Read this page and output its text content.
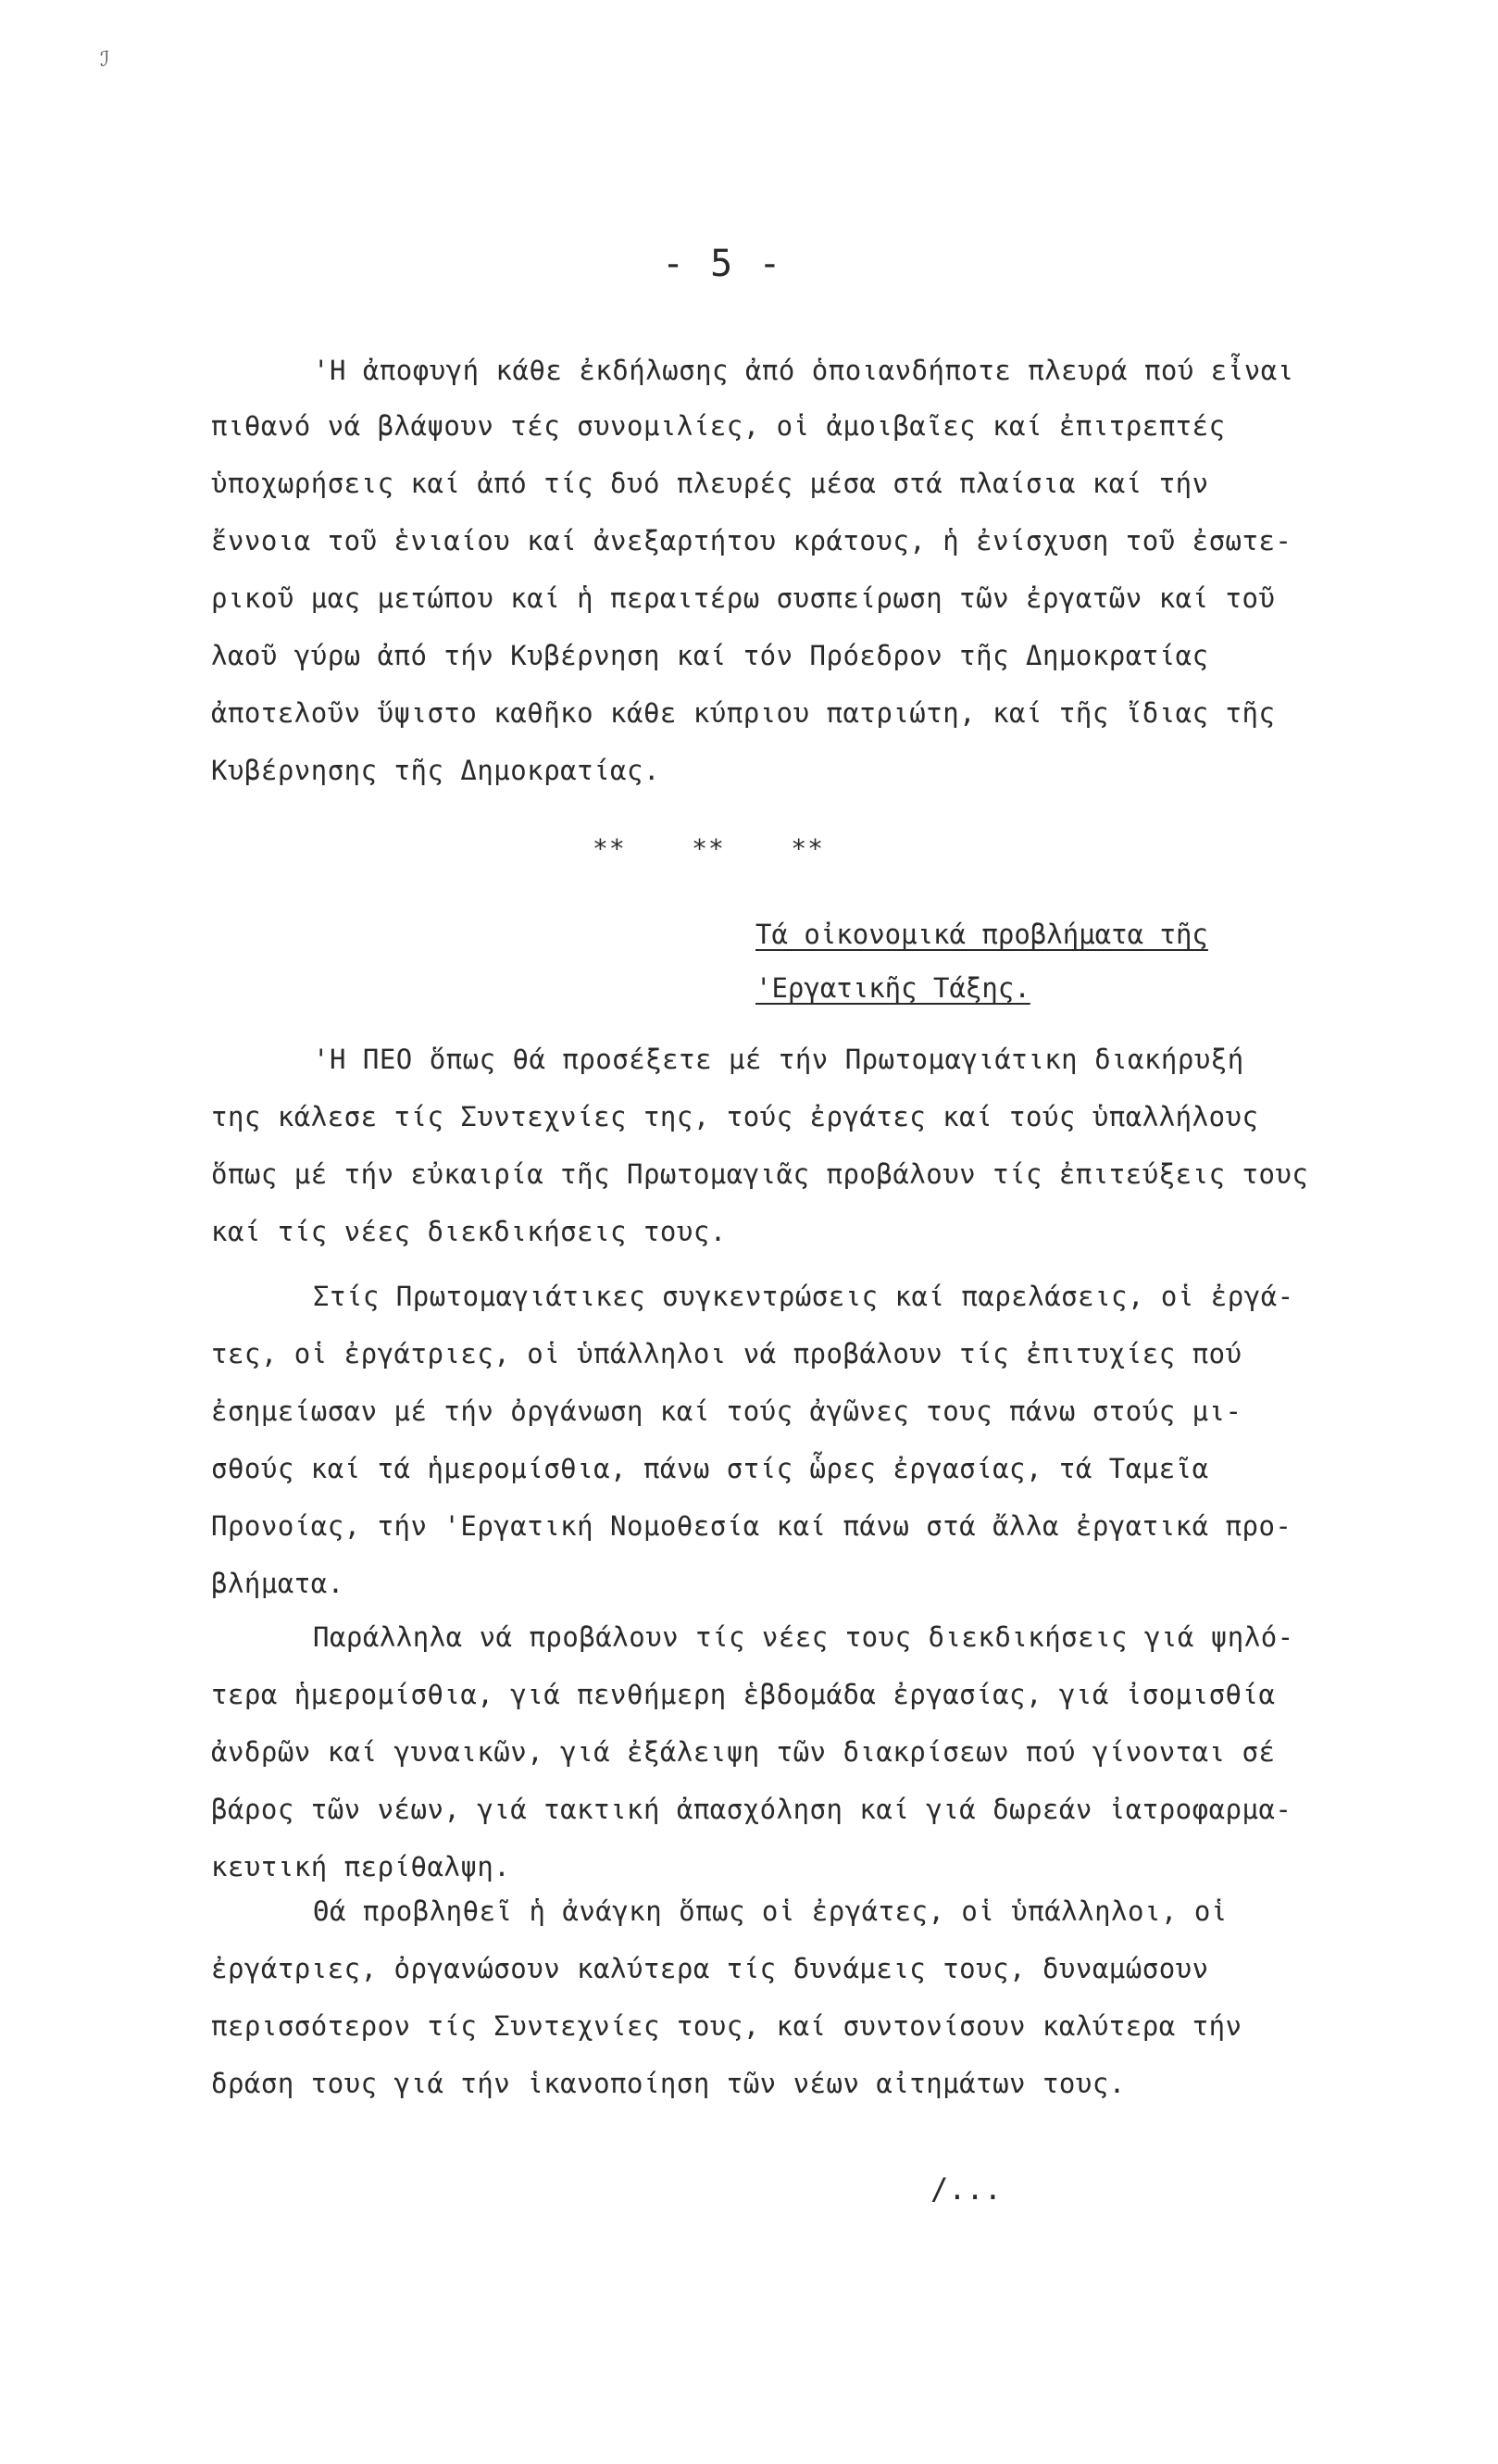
ℐ
- 5 -
'Η ἀποφυγή κάθε ἐκδήλωσης ἀπό ὁποιανδήποτε πλευρά πού εἶναι
πιθανό νά βλάψουν τές συνομιλίες, οἱ ἀμοιβαῖες καί ἐπιτρεπτές
ὑποχωρήσεις καί ἀπό τίς δυό πλευρές μέσα στά πλαίσια καί τήν
ἔννοια τοῦ ἑνιαίου καί ἀνεξαρτήτου κράτους, ἡ ἐνίσχυση τοῦ ἐσωτε-
ρικοῦ μας μετώπου καί ἡ περαιτέρω συσπείρωση τῶν ἐργατῶν καί τοῦ
λαοῦ γύρω ἀπό τήν Κυβέρνηση καί τόν Πρόεδρον τῆς Δημοκρατίας
ἀποτελοῦν ὕψιστο καθῆκο κάθε κύπριου πατριώτη, καί τῆς ἴδιας τῆς
Κυβέρνησης τῆς Δημοκρατίας.
**    **    **
Τά οἰκονομικά προβλήματα τῆς
'Εργατικῆς Τάξης.
'Η ΠΕΟ ὅπως θά προσέξετε μέ τήν Πρωτομαγιάτικη διακήρυξή
της κάλεσε τίς Συντεχνίες της, τούς ἐργάτες καί τούς ὑπαλλήλους
ὅπως μέ τήν εὐκαιρία τῆς Πρωτομαγιᾶς προβάλουν τίς ἐπιτεύξεις τους
καί τίς νέες διεκδικήσεις τους.
Στίς Πρωτομαγιάτικες συγκεντρώσεις καί παρελάσεις, οἱ ἐργά-
τες, οἱ ἐργάτριες, οἱ ὑπάλληλοι νά προβάλουν τίς ἐπιτυχίες πού
ἐσημείωσαν μέ τήν ὀργάνωση καί τούς ἀγῶνες τους πάνω στούς μι-
σθούς καί τά ἡμερομίσθια, πάνω στίς ὧρες ἐργασίας, τά Ταμεῖα
Προνοίας, τήν 'Εργατική Νομοθεσία καί πάνω στά ἄλλα ἐργατικά προ-
βλήματα.
Παράλληλα νά προβάλουν τίς νέες τους διεκδικήσεις γιά ψηλό-
τερα ἡμερομίσθια, γιά πενθήμερη ἑβδομάδα ἐργασίας, γιά ἰσομισθία
ἀνδρῶν καί γυναικῶν, γιά ἐξάλειψη τῶν διακρίσεων πού γίνονται σέ
βάρος τῶν νέων, γιά τακτική ἀπασχόληση καί γιά δωρεάν ἰατροφαρμα-
κευτική περίθαλψη.
Θά προβληθεῖ ἡ ἀνάγκη ὅπως οἱ ἐργάτες, οἱ ὑπάλληλοι, οἱ
ἐργάτριες, ὀργανώσουν καλύτερα τίς δυνάμεις τους, δυναμώσουν
περισσότερον τίς Συντεχνίες τους, καί συντονίσουν καλύτερα τήν
δράση τους γιά τήν ἱκανοποίηση τῶν νέων αἰτημάτων τους.
/...
